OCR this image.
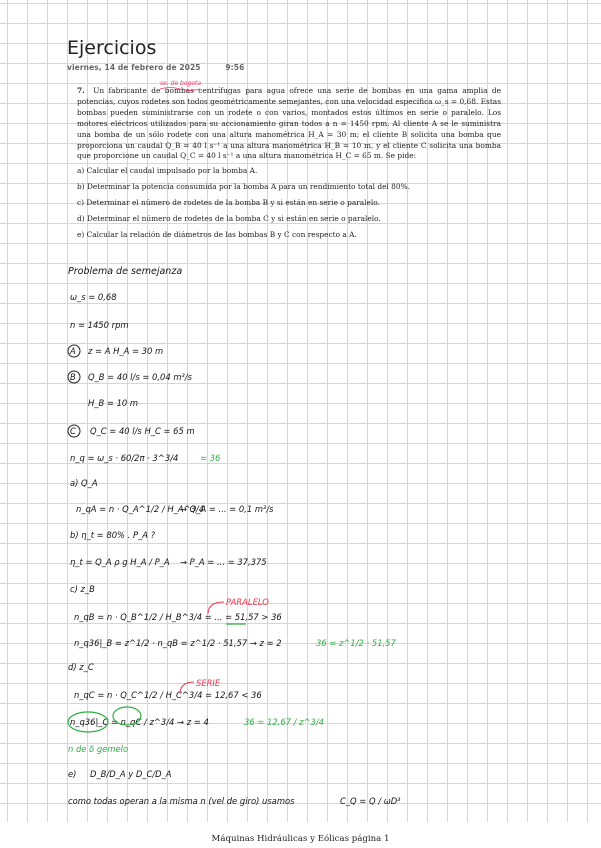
Ejercicios
viernes, 14 de febrero de 2025	9:56
se. de bogota
7. Un fabricante de bombas centrífugas para agua ofrece una serie de bombas en una gama amplia de potencias, cuyos rodetes son todos geométricamente semejantes, con una velocidad específica ω_s = 0,68. Estas bombas pueden suministrarse con un rodete o con varios, montados estos últimos en serie o paralelo. Los motores eléctricos utilizados para su accionamiento giran todos a n = 1450 rpm. Al cliente A se le suministra una bomba de un sólo rodete con una altura manométrica H_A = 30 m; el cliente B solicita una bomba que proporciona un caudal Q_B = 40 l s⁻¹ a una altura manométrica H_B = 10 m, y el cliente C solicita una bomba que proporcione un caudal Q_C = 40 l s⁻¹ a una altura manométrica H_C = 65 m. Se pide:
a) Calcular el caudal impulsado por la bomba A.
b) Determinar la potencia consumida por la bomba A para un rendimiento total del 80%.
c) Determinar el número de rodetes de la bomba B y si están en serie o paralelo.
d) Determinar el número de rodetes de la bomba C y si están en serie o paralelo.
e) Calcular la relación de diámetros de las bombas B y C con respecto a A.
Problema de semejanza
ω_s = 0,68
n = 1450 rpm
A z = A H_A = 30 m
B Q_B = 40 l/s = 0,04 m³/s
H_B = 10 m
C Q_C = 40 l/s H_C = 65 m
n_q = ω_s · 60/2π · 3^3/4	= 36
a) Q_A
n_qA = n · Q_A^1/2 / H_A^3/4
→ Q_A = ... = 0,1 m³/s
b) η_t = 80% . P_A ?
η_t = Q_A ρ g H_A / P_A → P_A = ... = 37,375
c) z_B
PARALELO
n_qB = n · Q_B^1/2 / H_B^3/4 = ... = 51,57 > 36
n_q36|_B = z^1/2 · n_qB = z^1/2 · 51,57 → z = 2	36 = z^1/2 · 51,57
d) z_C
SERIE
n_qC = n · Q_C^1/2 / H_C^3/4 = 12,67 < 36
n_q36|_C = n_qC / z^3/4 → z = 4	36 = 12,67 / z^3/4
n de δ gemelo
e) D_B/D_A y D_C/D_A
como todas operan a la misma n (vel de giro) usamos	C_Q = Q / ωD³
Máquinas Hidráulicas y Eólicas página 1
